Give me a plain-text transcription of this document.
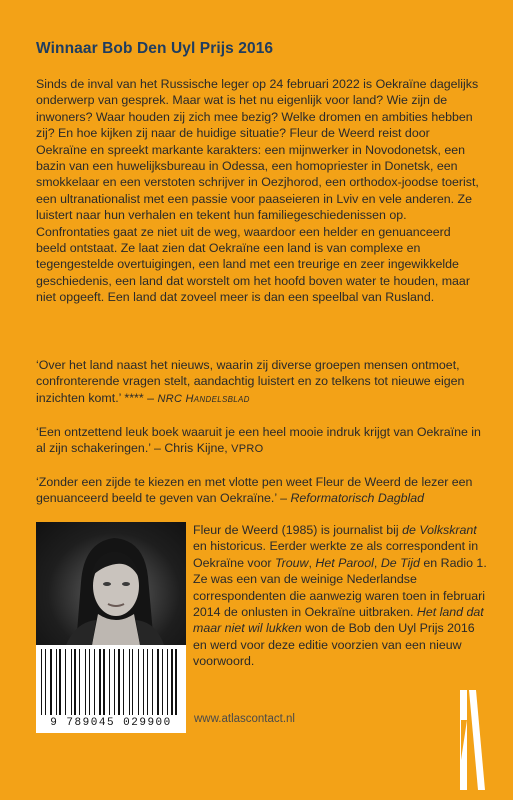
Winnaar Bob Den Uyl Prijs 2016

Sinds de inval van het Russische leger op 24 februari 2022 is Oekraïne dagelijks onderwerp van gesprek. Maar wat is het nu eigenlijk voor land? Wie zijn de inwoners? Waar houden zij zich mee bezig? Welke dromen en ambities hebben zij? En hoe kijken zij naar de huidige situatie? Fleur de Weerd reist door Oekraïne en spreekt markante karakters: een mijnwerker in Novodonetsk, een bazin van een huwelijksbureau in Odessa, een homopriester in Donetsk, een smokkelaar en een verstoten schrijver in Oezjhorod, een orthodox-joodse toerist, een ultranationalist met een passie voor paaseieren in Lviv en vele anderen. Ze luistert naar hun verhalen en tekent hun familiegeschiedenissen op. Confrontaties gaat ze niet uit de weg, waardoor een helder en genuanceerd beeld ontstaat. Ze laat zien dat Oekraïne een land is van complexe en tegengestelde overtuigingen, een land met een treurige en zeer ingewikkelde geschiedenis, een land dat worstelt om het hoofd boven water te houden, maar niet opgeeft. Een land dat zoveel meer is dan een speelbal van Rusland.

‘Over het land naast het nieuws, waarin zij diverse groepen mensen ontmoet, confronterende vragen stelt, aandachtig luistert en zo telkens tot nieuwe eigen inzichten komt.’ **** – NRC Handelsblad

‘Een ontzettend leuk boek waaruit je een heel mooie indruk krijgt van Oekraïne in al zijn schakeringen.’ – Chris Kijne, VPRO

‘Zonder een zijde te kiezen en met vlotte pen weet Fleur de Weerd de lezer een genuanceerd beeld te geven van Oekraïne.’ – Reformatorisch Dagblad

Fleur de Weerd (1985) is journalist bij de Volkskrant en historicus. Eerder werkte ze als correspondent in Oekraïne voor Trouw, Het Parool, De Tijd en Radio 1. Ze was een van de weinige Nederlandse correspondenten die aanwezig waren toen in februari 2014 de onlusten in Oekraïne uitbraken. Het land dat maar niet wil lukken won de Bob den Uyl Prijs 2016 en werd voor deze editie voorzien van een nieuw voorwoord.

9 789045 029900	www.atlascontact.nl
